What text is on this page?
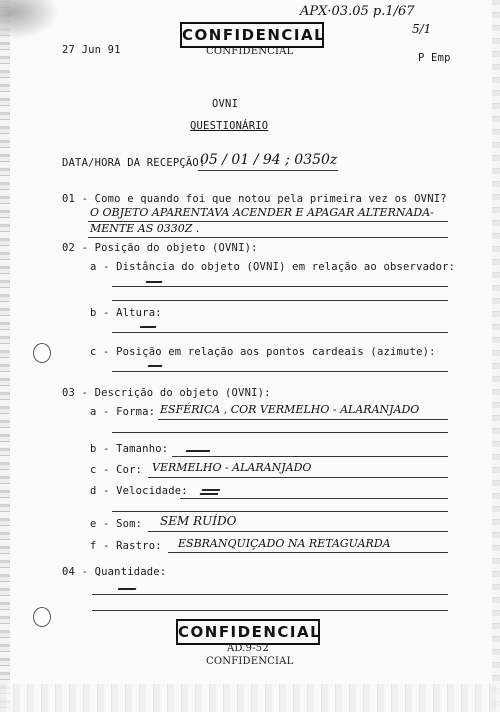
APX·03.05 p.1/67
5/1
27 Jun 91
CONFIDENCIAL
CONFIDENCIAL
P Emp
OVNI
QUESTIONÁRIO
DATA/HORA DA RECEPÇÃO:
05 / 01 / 94 ; 0350z
01 - Como e quando foi que notou pela primeira vez os OVNI?
O OBJETO APARENTAVA ACENDER E APAGAR ALTERNADA-
MENTE AS 0330Z .
02 - Posição do objeto (OVNI):
a - Distância do objeto (OVNI) em relação ao observador:
b - Altura:
c - Posição em relação aos pontos cardeais (azimute):
03 - Descrição do objeto (OVNI):
a - Forma: ESFÉRICA , COR VERMELHO - ALARANJADO
b - Tamanho:
c - Cor: VERMELHO - ALARANJADO
d - Velocidade:
e - Som: SEM RUÍDO
f - Rastro: ESBRANQUIÇADO NA RETAGUARDA
04 - Quantidade:
CONFIDENCIAL
AD.9-52
CONFIDENCIAL
